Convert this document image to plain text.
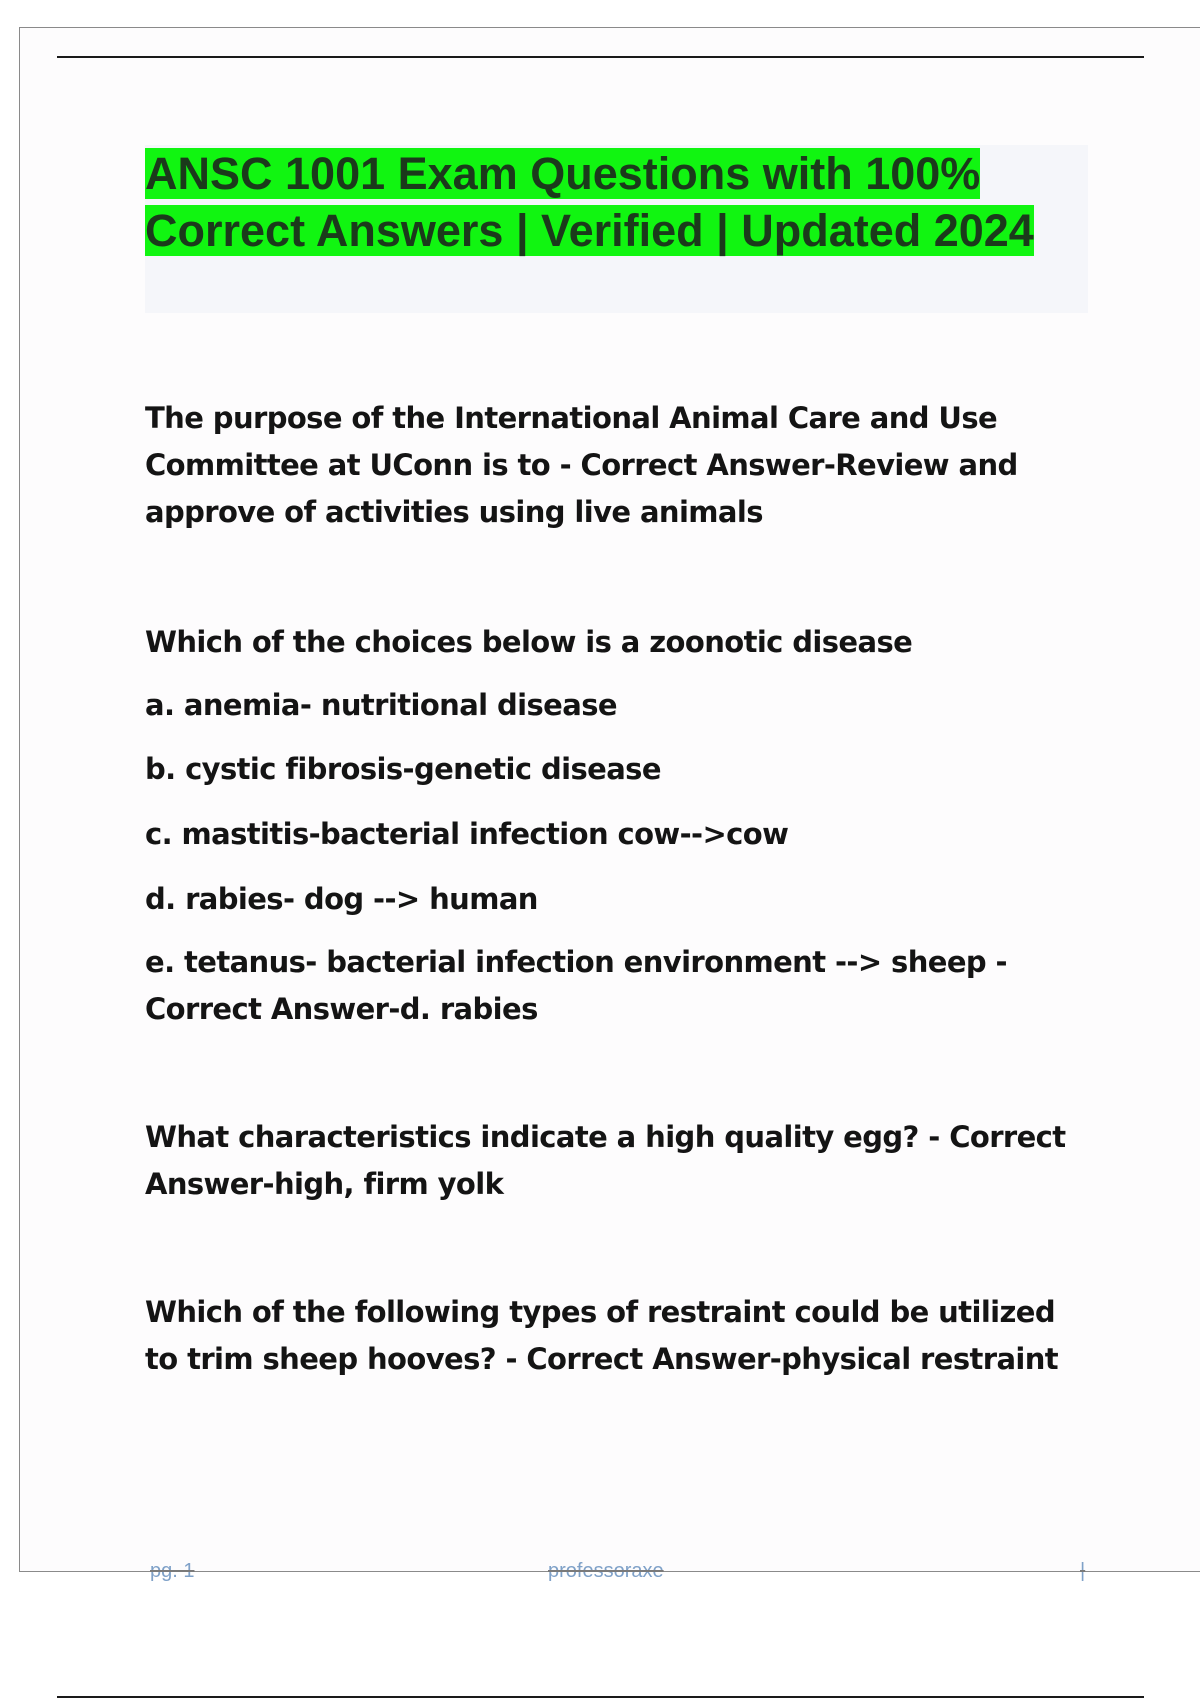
ANSC 1001 Exam Questions with 100% Correct Answers | Verified | Updated 2024

The purpose of the International Animal Care and Use Committee at UConn is to - Correct Answer-Review and approve of activities using live animals

Which of the choices below is a zoonotic disease

a. anemia- nutritional disease

b. cystic fibrosis-genetic disease

c. mastitis-bacterial infection cow-->cow

d. rabies- dog --> human

e. tetanus- bacterial infection environment --> sheep - Correct Answer-d. rabies

What characteristics indicate a high quality egg? - Correct Answer-high, firm yolk

Which of the following types of restraint could be utilized to trim sheep hooves? - Correct Answer-physical restraint

pg. 1	professoraxe	|
